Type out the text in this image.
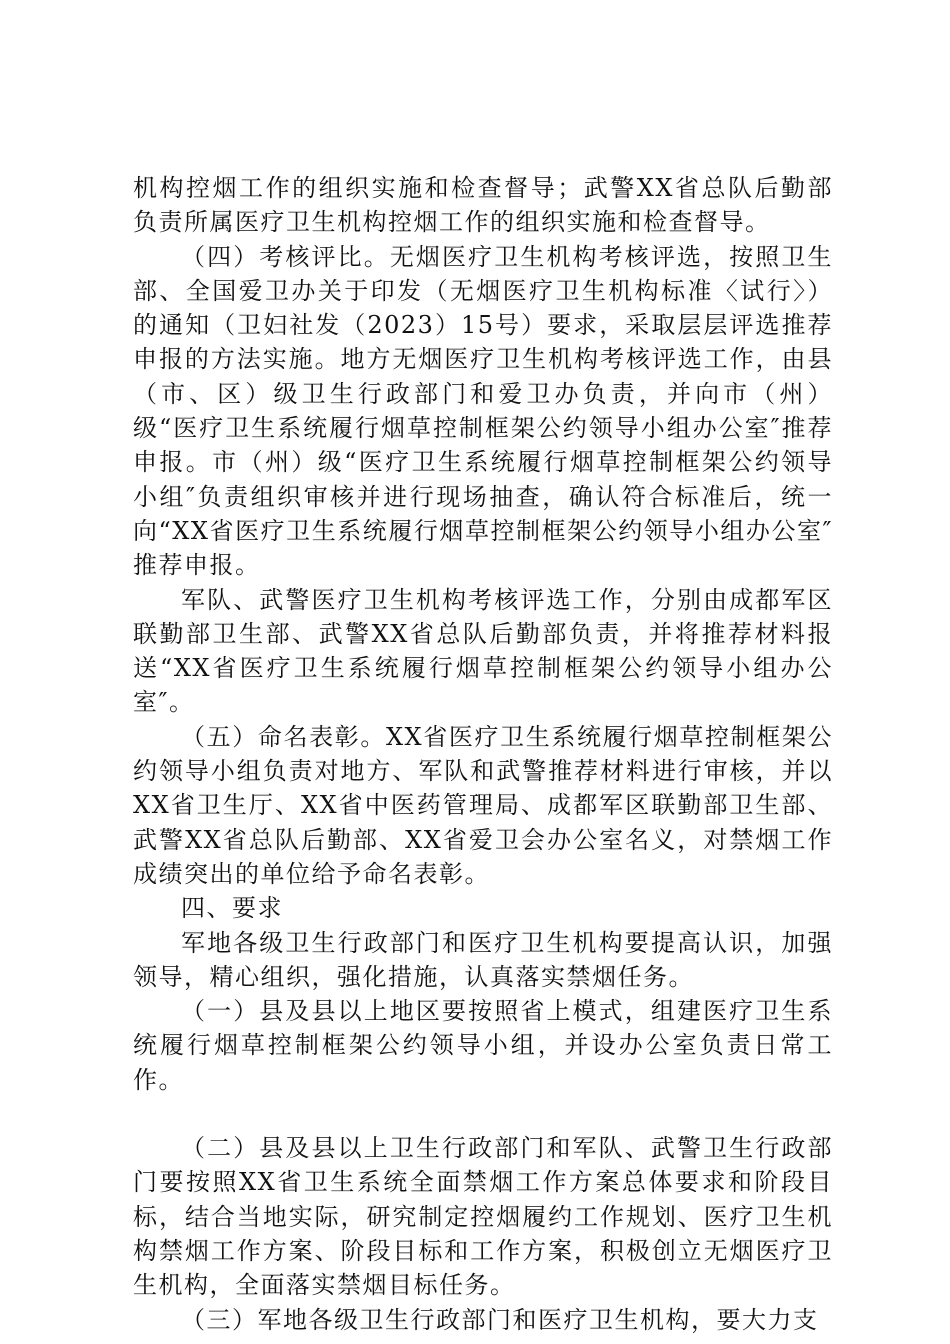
机构控烟工作的组织实施和检查督导；武警XX省总队后勤部负责所属医疗卫生机构控烟工作的组织实施和检查督导。

（四）考核评比。无烟医疗卫生机构考核评选，按照卫生部、全国爱卫办关于印发（无烟医疗卫生机构标准〈试行〉）的通知（卫妇社发（2023）15号）要求，采取层层评选推荐申报的方法实施。地方无烟医疗卫生机构考核评选工作，由县（市、区）级卫生行政部门和爱卫办负责，并向市（州）级“医疗卫生系统履行烟草控制框架公约领导小组办公室″推荐申报。市（州）级“医疗卫生系统履行烟草控制框架公约领导小组″负责组织审核并进行现场抽查，确认符合标准后，统一向“XX省医疗卫生系统履行烟草控制框架公约领导小组办公室″推荐申报。

军队、武警医疗卫生机构考核评选工作，分别由成都军区联勤部卫生部、武警XX省总队后勤部负责，并将推荐材料报送“XX省医疗卫生系统履行烟草控制框架公约领导小组办公室″。

（五）命名表彰。XX省医疗卫生系统履行烟草控制框架公约领导小组负责对地方、军队和武警推荐材料进行审核，并以XX省卫生厅、XX省中医药管理局、成都军区联勤部卫生部、武警XX省总队后勤部、XX省爱卫会办公室名义，对禁烟工作成绩突出的单位给予命名表彰。

四、要求

军地各级卫生行政部门和医疗卫生机构要提高认识，加强领导，精心组织，强化措施，认真落实禁烟任务。

（一）县及县以上地区要按照省上模式，组建医疗卫生系统履行烟草控制框架公约领导小组，并设办公室负责日常工作。

（二）县及县以上卫生行政部门和军队、武警卫生行政部门要按照XX省卫生系统全面禁烟工作方案总体要求和阶段目标，结合当地实际，研究制定控烟履约工作规划、医疗卫生机构禁烟工作方案、阶段目标和工作方案，积极创立无烟医疗卫生机构，全面落实禁烟目标任务。

（三）军地各级卫生行政部门和医疗卫生机构，要大力支
